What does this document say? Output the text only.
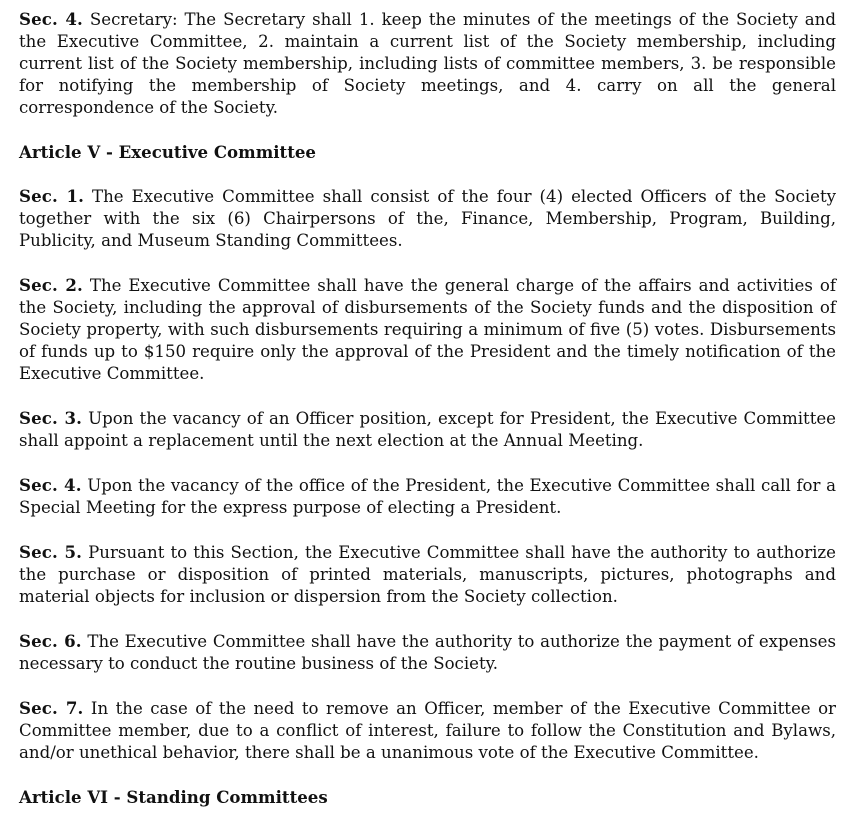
Sec. 4. Secretary: The Secretary shall 1. keep the minutes of the meetings of the Society and the Executive Committee, 2. maintain a current list of the Society membership, including current list of the Society membership, including lists of committee members, 3. be responsible for notifying the membership of Society meetings, and 4. carry on all the general correspondence of the Society.

Article V - Executive Committee

Sec. 1. The Executive Committee shall consist of the four (4) elected Officers of the Society together with the six (6) Chairpersons of the, Finance, Membership, Program, Building, Publicity, and Museum Standing Committees.

Sec. 2. The Executive Committee shall have the general charge of the affairs and activities of the Society, including the approval of disbursements of the Society funds and the disposition of Society property, with such disbursements requiring a minimum of five (5) votes. Disbursements of funds up to $150 require only the approval of the President and the timely notification of the Executive Committee.

Sec. 3. Upon the vacancy of an Officer position, except for President, the Executive Committee shall appoint a replacement until the next election at the Annual Meeting.

Sec. 4. Upon the vacancy of the office of the President, the Executive Committee shall call for a Special Meeting for the express purpose of electing a President.

Sec. 5. Pursuant to this Section, the Executive Committee shall have the authority to authorize the purchase or disposition of printed materials, manuscripts, pictures, photographs and material objects for inclusion or dispersion from the Society collection.

Sec. 6. The Executive Committee shall have the authority to authorize the payment of expenses necessary to conduct the routine business of the Society.

Sec. 7. In the case of the need to remove an Officer, member of the Executive Committee or Committee member, due to a conflict of interest, failure to follow the Constitution and Bylaws, and/or unethical behavior, there shall be a unanimous vote of the Executive Committee.

Article VI - Standing Committees
